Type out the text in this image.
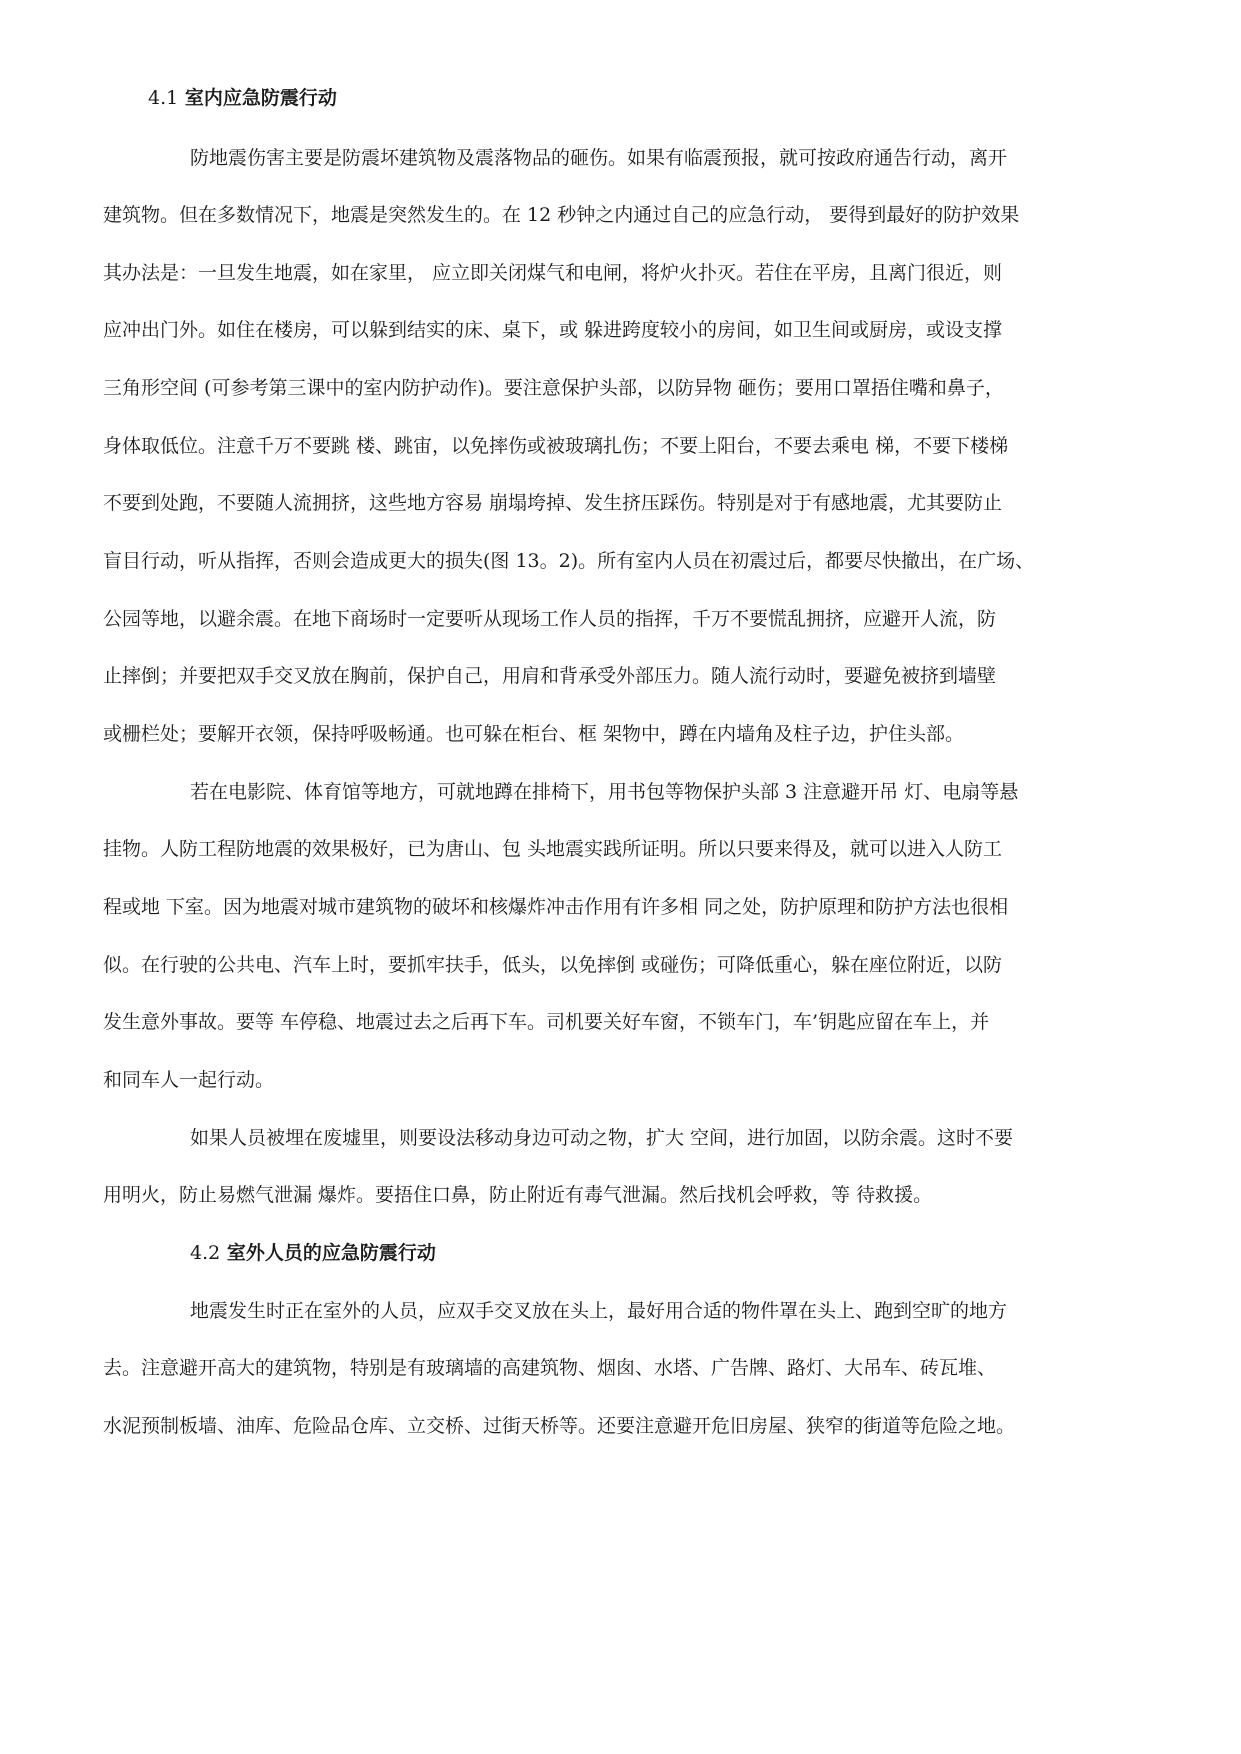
4.1 室内应急防震行动
防地震伤害主要是防震坏建筑物及震落物品的砸伤。如果有临震预报，就可按政府通告行动，离开
建筑物。但在多数情况下，地震是突然发生的。在 12 秒钟之内通过自己的应急行动， 要得到最好的防护效果
其办法是：一旦发生地震，如在家里， 应立即关闭煤气和电闸，将炉火扑灭。若住在平房，且离门很近，则
应冲出门外。如住在楼房，可以躲到结实的床、桌下，或 躲进跨度较小的房间，如卫生间或厨房，或设支撑
三角形空间 (可参考第三课中的室内防护动作)。要注意保护头部，以防异物 砸伤；要用口罩捂住嘴和鼻子，
身体取低位。注意千万不要跳 楼、跳宙，以免摔伤或被玻璃扎伤；不要上阳台，不要去乘电 梯，不要下楼梯
不要到处跑，不要随人流拥挤，这些地方容易 崩塌垮掉、发生挤压踩伤。特别是对于有感地震，尤其要防止
盲目行动，听从指挥，否则会造成更大的损失(图 13。2)。所有室内人员在初震过后，都要尽快撤出，在广场、
公园等地，以避余震。在地下商场时一定要听从现场工作人员的指挥，千万不要慌乱拥挤，应避开人流，防
止摔倒；并要把双手交叉放在胸前，保护自己，用肩和背承受外部压力。随人流行动时，要避免被挤到墙壁
或栅栏处；要解开衣领，保持呼吸畅通。也可躲在柜台、框 架物中，蹲在内墙角及柱子边，护住头部。
若在电影院、体育馆等地方，可就地蹲在排椅下，用书包等物保护头部 3 注意避开吊 灯、电扇等悬
挂物。人防工程防地震的效果极好，已为唐山、包 头地震实践所证明。所以只要来得及，就可以进入人防工
程或地 下室。因为地震对城市建筑物的破坏和核爆炸冲击作用有许多相 同之处，防护原理和防护方法也很相
似。在行驶的公共电、汽车上时，要抓牢扶手，低头，以免摔倒 或碰伤；可降低重心，躲在座位附近，以防
发生意外事故。要等 车停稳、地震过去之后再下车。司机要关好车窗，不锁车门，车’钥匙应留在车上，并
和同车人一起行动。
如果人员被埋在废墟里，则要设法移动身边可动之物，扩大 空间，进行加固，以防余震。这时不要
用明火，防止易燃气泄漏 爆炸。要捂住口鼻，防止附近有毒气泄漏。然后找机会呼救，等 待救援。
4.2 室外人员的应急防震行动
地震发生时正在室外的人员，应双手交叉放在头上，最好用合适的物件罩在头上、跑到空旷的地方
去。注意避开高大的建筑物，特别是有玻璃墙的高建筑物、烟囱、水塔、广告牌、路灯、大吊车、砖瓦堆、
水泥预制板墙、油库、危险品仓库、立交桥、过街天桥等。还要注意避开危旧房屋、狭窄的街道等危险之地。
